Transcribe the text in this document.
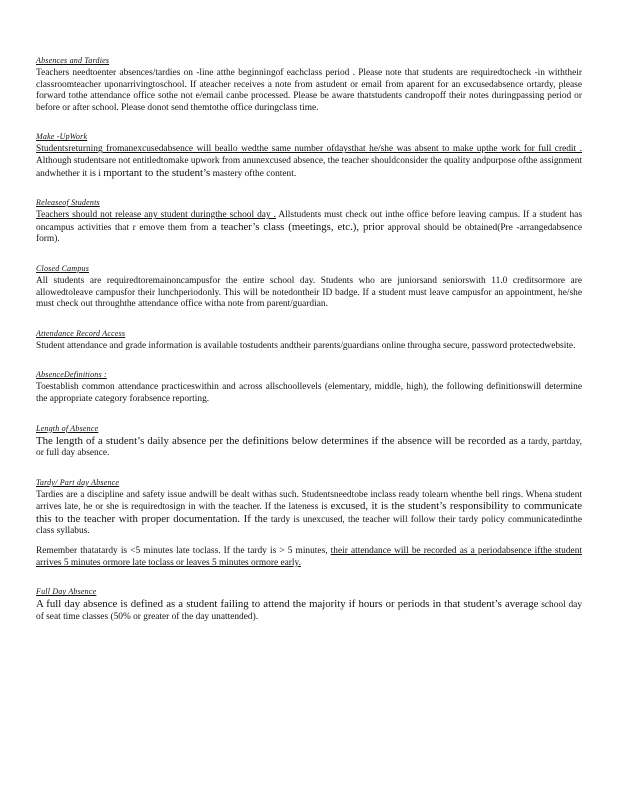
Absences and Tardies

Teachers needtoenter absences/tardies on -line atthe beginningof eachclass period . Please note that students are requiredtocheck -in withtheir classroomteacher uponarrivingtoschool. If ateacher receives a note from astudent or email from aparent for an excusedabsence ortardy, please forward tothe attendance office sothe not e/email canbe processed. Please be aware thatstudents candropoff their notes duringpassing period or before or after school. Please donot send themtothe office duringclass time.

Make -UpWork

Studentsreturning fromanexcusedabsence will beallo wedthe same number ofdaysthat he/she was absent to make upthe work for full credit . Although studentsare not entitledtomake upwork from anunexcused absence, the teacher shouldconsider the quality andpurpose ofthe assignment andwhether it is i mportant to the student’s mastery ofthe content.

Releaseof Students

Teachers should not release any student duringthe school day . Allstudents must check out inthe office before leaving campus. If a student has oncampus activities that r emove them from a teacher’s class (meetings, etc.), prior approval should be obtained(Pre -arrangedabsence form).

Closed Campus

All students are requiredtoremainoncampusfor the entire school day. Students who are juniorsand seniorswith 11.0 creditsormore are allowedtoleave campusfor their lunchperiodonly. This will be notedontheir ID badge. If a student must leave campusfor an appointment, he/she must check out throughthe attendance office witha note from parent/guardian.

Attendance Record Access

Student attendance and grade information is available tostudents andtheir parents/guardians online througha secure, password protectedwebsite.

AbsenceDefinitions :

Toestablish common attendance practiceswithin and across allschoollevels (elementary, middle, high), the following definitionswill determine the appropriate category forabsence reporting.

Length of Absence

The length of a student’s daily absence per the definitions below determines if the absence will be recorded as a tardy, partday, or full day absence.

Tardy/ Part day Absence

Tardies are a discipline and safety issue andwill be dealt withas such. Studentsneedtobe inclass ready tolearn whenthe bell rings. Whena student arrives late, he or she is requiredtosign in with the teacher. If the lateness is excused, it is the student’s responsibility to communicate this to the teacher with proper documentation. If the tardy is unexcused, the teacher will follow their tardy policy communicatedinthe class syllabus.

Remember thatatardy is <5 minutes late toclass. If the tardy is > 5 minutes, their attendance will be recorded as a periodabsence ifthe student arrives 5 minutes ormore late toclass or leaves 5 minutes ormore early.

Full Day Absence

A full day absence is defined as a student failing to attend the majority if hours or periods in that student’s average school day of seat time classes (50% or greater of the day unattended).
